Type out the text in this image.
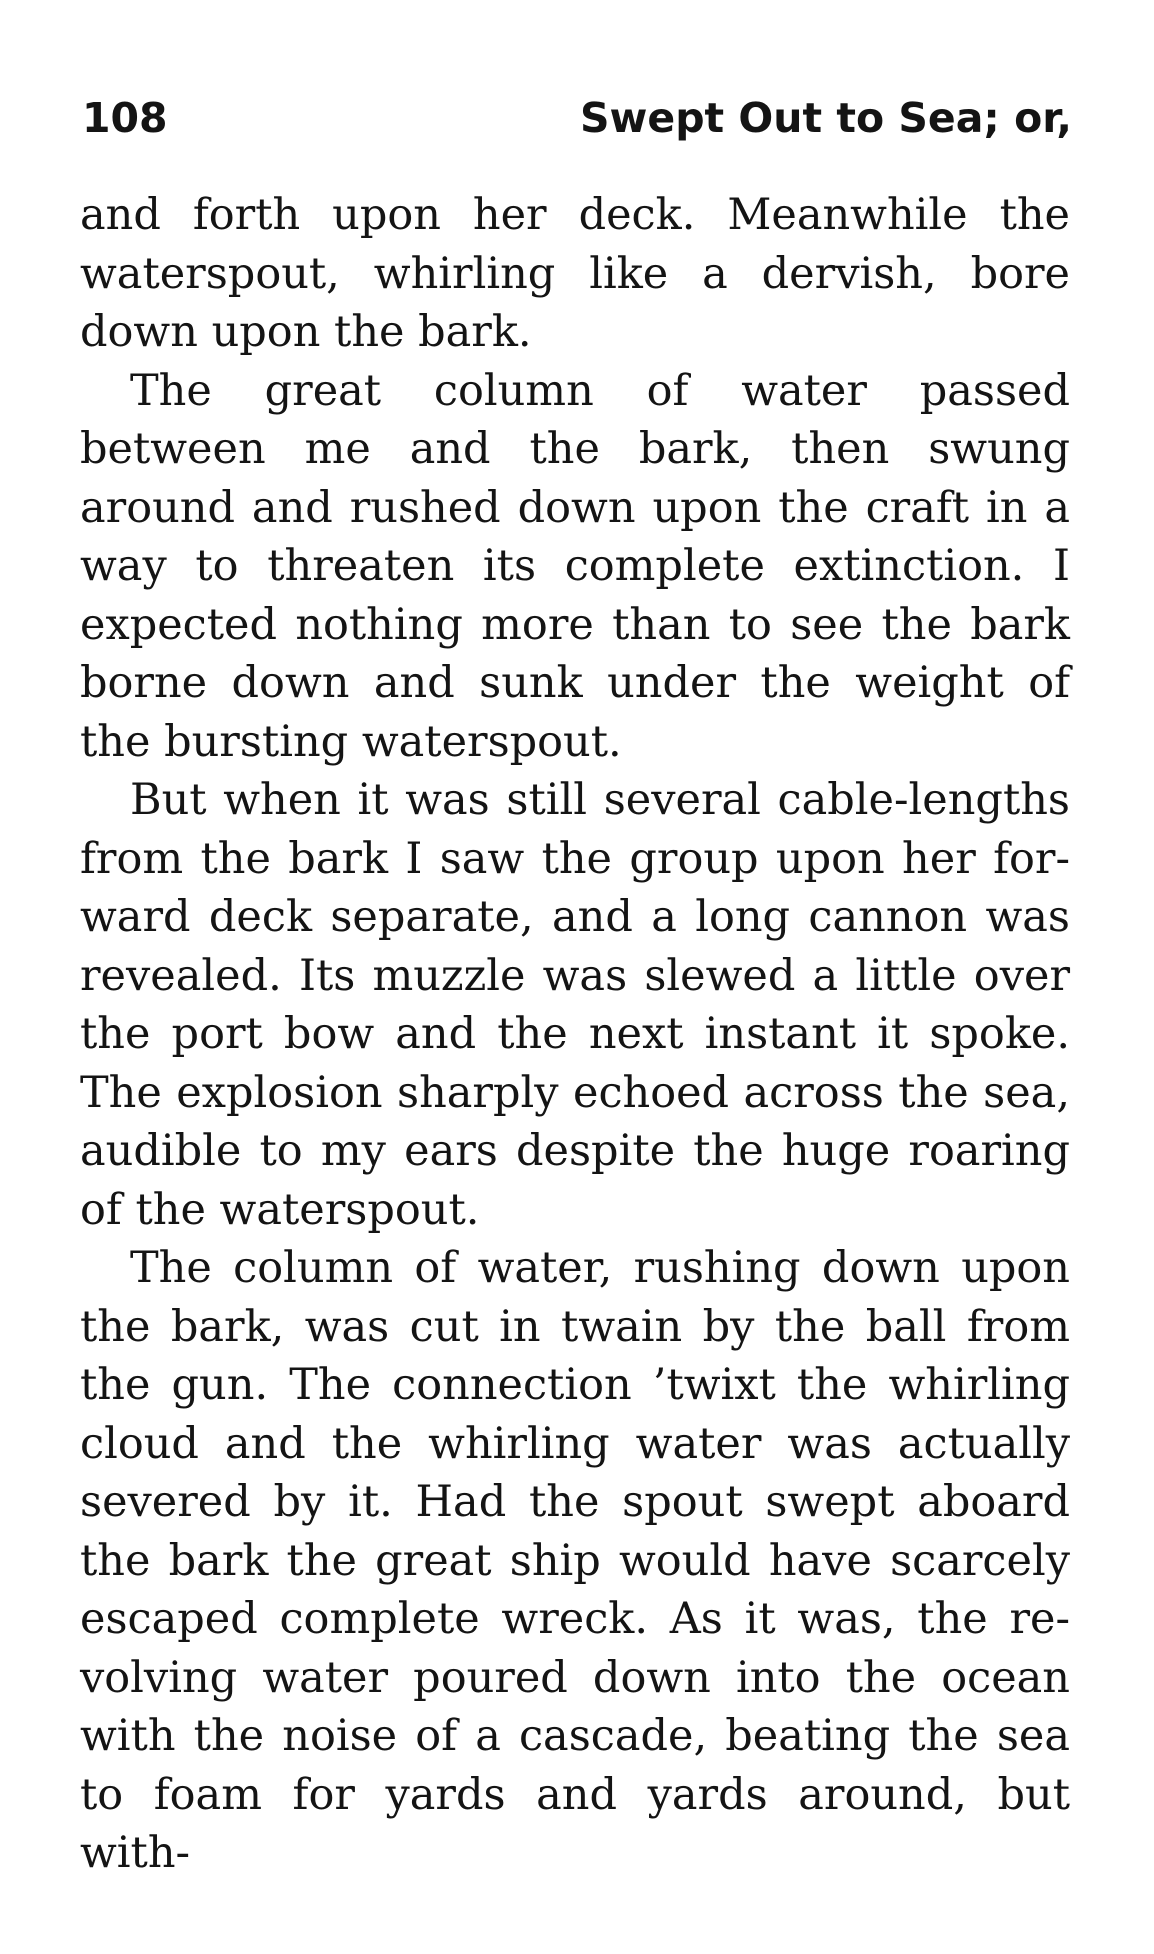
108	Swept Out to Sea; or,

and forth upon her deck. Meanwhile the waterspout, whirling like a dervish, bore down upon the bark.

The great column of water passed between me and the bark, then swung around and rushed down upon the craft in a way to threaten its complete extinction. I expected nothing more than to see the bark borne down and sunk under the weight of the bursting waterspout.

But when it was still several cable-lengths from the bark I saw the group upon her forward deck separate, and a long cannon was revealed. Its muzzle was slewed a little over the port bow and the next instant it spoke. The explosion sharply echoed across the sea, audible to my ears despite the huge roaring of the waterspout.

The column of water, rushing down upon the bark, was cut in twain by the ball from the gun. The connection ’twixt the whirling cloud and the whirling water was actually severed by it. Had the spout swept aboard the bark the great ship would have scarcely escaped complete wreck. As it was, the revolving water poured down into the ocean with the noise of a cascade, beating the sea to foam for yards and yards around, but with-
